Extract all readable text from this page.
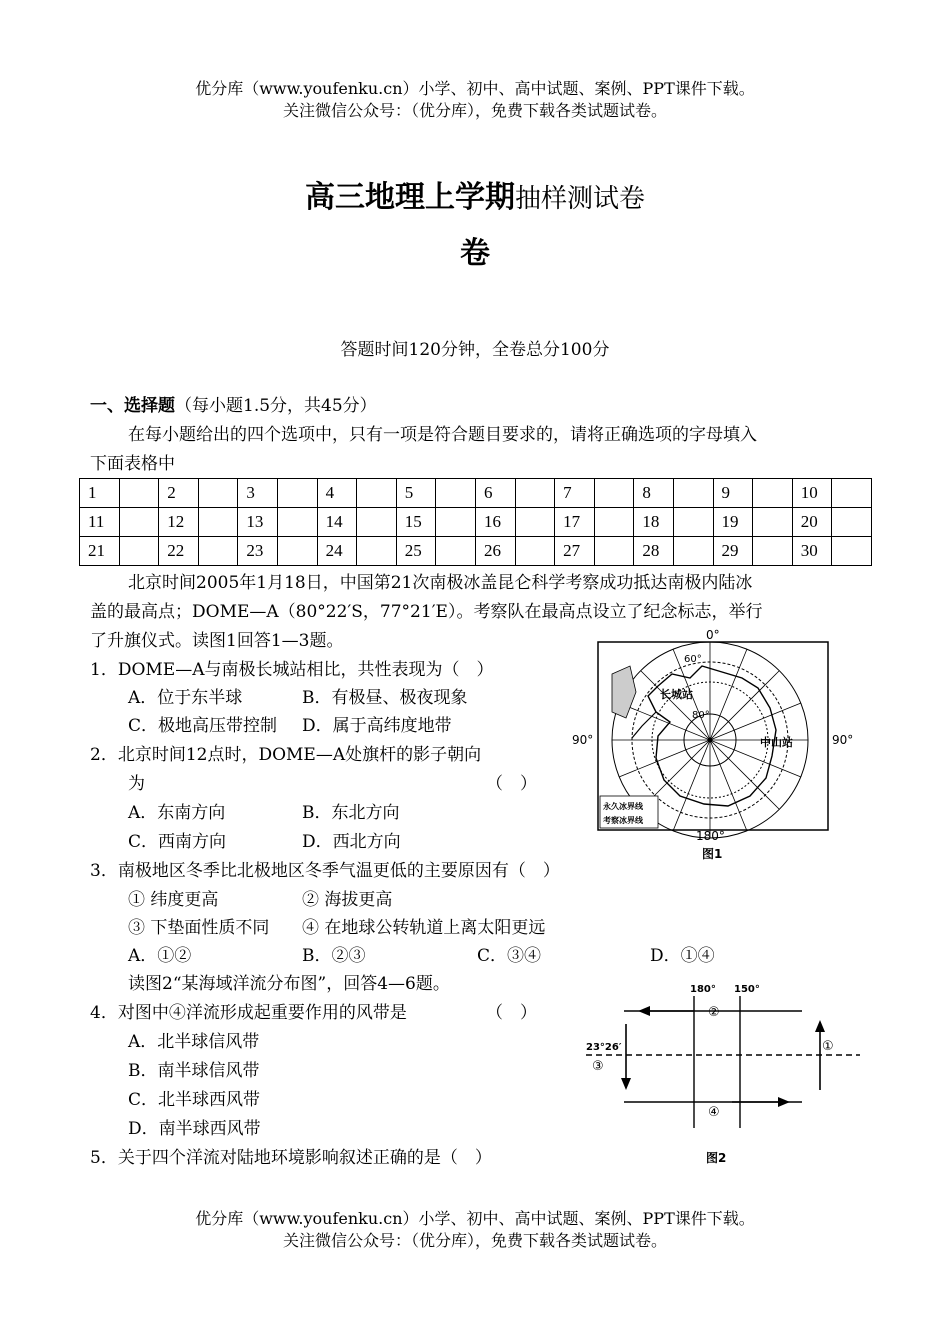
优分库（www.youfenku.cn）小学、初中、高中试题、案例、PPT课件下载。
关注微信公众号：（优分库），免费下载各类试题试卷。
高三地理上学期抽样测试卷
卷
答题时间120分钟，全卷总分100分
一、选择题（每小题1.5分，共45分）
在每小题给出的四个选项中，只有一项是符合题目要求的，请将正确选项的字母填入
下面表格中
1		2		3		4		5		6		7		8		9		10	
11		12		13		14		15		16		17		18		19		20	
21		22		23		24		25		26		27		28		29		30	
北京时间2005年1月18日，中国第21次南极冰盖昆仑科学考察成功抵达南极内陆冰
盖的最高点；DOME—A（80°22′S，77°21′E）。考察队在最高点设立了纪念标志，举行
了升旗仪式。读图1回答1—3题。
1．DOME—A与南极长城站相比，共性表现为（　）
A．位于东半球	B．有极昼、极夜现象
C．极地高压带控制 D．属于高纬度地带
2．北京时间12点时，DOME—A处旗杆的影子朝向
为	（　）
A．东南方向	B．东北方向
C．西南方向	D．西北方向
3．南极地区冬季比北极地区冬季气温更低的主要原因有（　）
① 纬度更高	② 海拔更高
③ 下垫面性质不同 ④ 在地球公转轨道上离太阳更远
A．①②	B．②③	C．③④	D．①④
读图2“某海域洋流分布图”，回答4—6题。
4．对图中④洋流形成起重要作用的风带是	（　）
A．北半球信风带
B．南半球信风带
C．北半球西风带
D．南半球西风带
5．关于四个洋流对陆地环境影响叙述正确的是（　）
0°
90°	90°
180°
60°
80°
长城站
中山站
永久冰界线
考察冰界线
图1
180° 150°
23°26′	①
②
③
④
图2
优分库（www.youfenku.cn）小学、初中、高中试题、案例、PPT课件下载。
关注微信公众号：（优分库），免费下载各类试题试卷。
